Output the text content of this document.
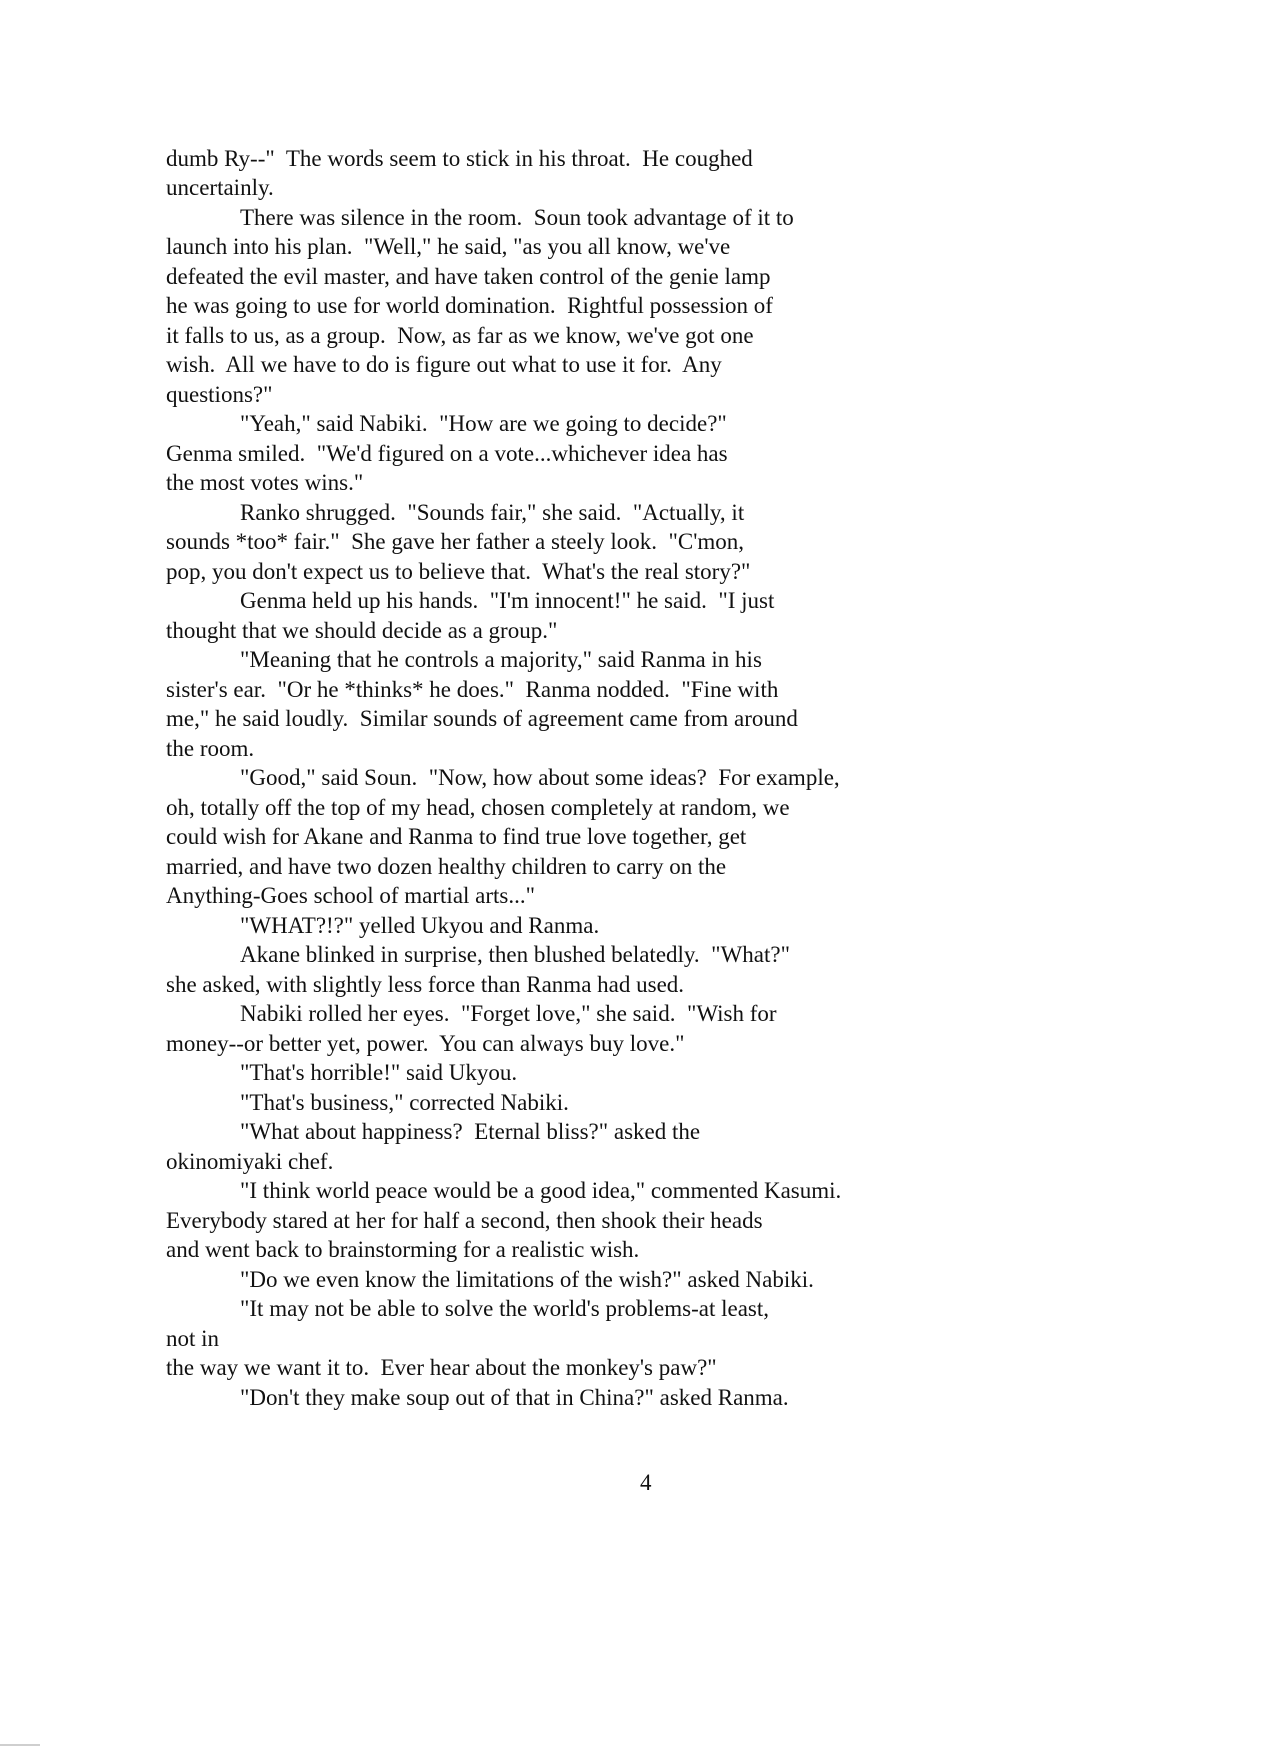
dumb Ry--"  The words seem to stick in his throat.  He coughed
uncertainly.
There was silence in the room.  Soun took advantage of it to
launch into his plan.  "Well," he said, "as you all know, we've
defeated the evil master, and have taken control of the genie lamp
he was going to use for world domination.  Rightful possession of
it falls to us, as a group.  Now, as far as we know, we've got one
wish.  All we have to do is figure out what to use it for.  Any
questions?"
"Yeah," said Nabiki.  "How are we going to decide?"
Genma smiled.  "We'd figured on a vote...whichever idea has
the most votes wins."
Ranko shrugged.  "Sounds fair," she said.  "Actually, it
sounds *too* fair."  She gave her father a steely look.  "C'mon,
pop, you don't expect us to believe that.  What's the real story?"
Genma held up his hands.  "I'm innocent!" he said.  "I just
thought that we should decide as a group."
"Meaning that he controls a majority," said Ranma in his
sister's ear.  "Or he *thinks* he does."  Ranma nodded.  "Fine with
me," he said loudly.  Similar sounds of agreement came from around
the room.
"Good," said Soun.  "Now, how about some ideas?  For example,
oh, totally off the top of my head, chosen completely at random, we
could wish for Akane and Ranma to find true love together, get
married, and have two dozen healthy children to carry on the
Anything-Goes school of martial arts..."
"WHAT?!?" yelled Ukyou and Ranma.
Akane blinked in surprise, then blushed belatedly.  "What?"
she asked, with slightly less force than Ranma had used.
Nabiki rolled her eyes.  "Forget love," she said.  "Wish for
money--or better yet, power.  You can always buy love."
"That's horrible!" said Ukyou.
"That's business," corrected Nabiki.
"What about happiness?  Eternal bliss?" asked the
okinomiyaki chef.
"I think world peace would be a good idea," commented Kasumi.
Everybody stared at her for half a second, then shook their heads
and went back to brainstorming for a realistic wish.
"Do we even know the limitations of the wish?" asked Nabiki.
"It may not be able to solve the world's problems-at least,
not in
the way we want it to.  Ever hear about the monkey's paw?"
"Don't they make soup out of that in China?" asked Ranma.
4
